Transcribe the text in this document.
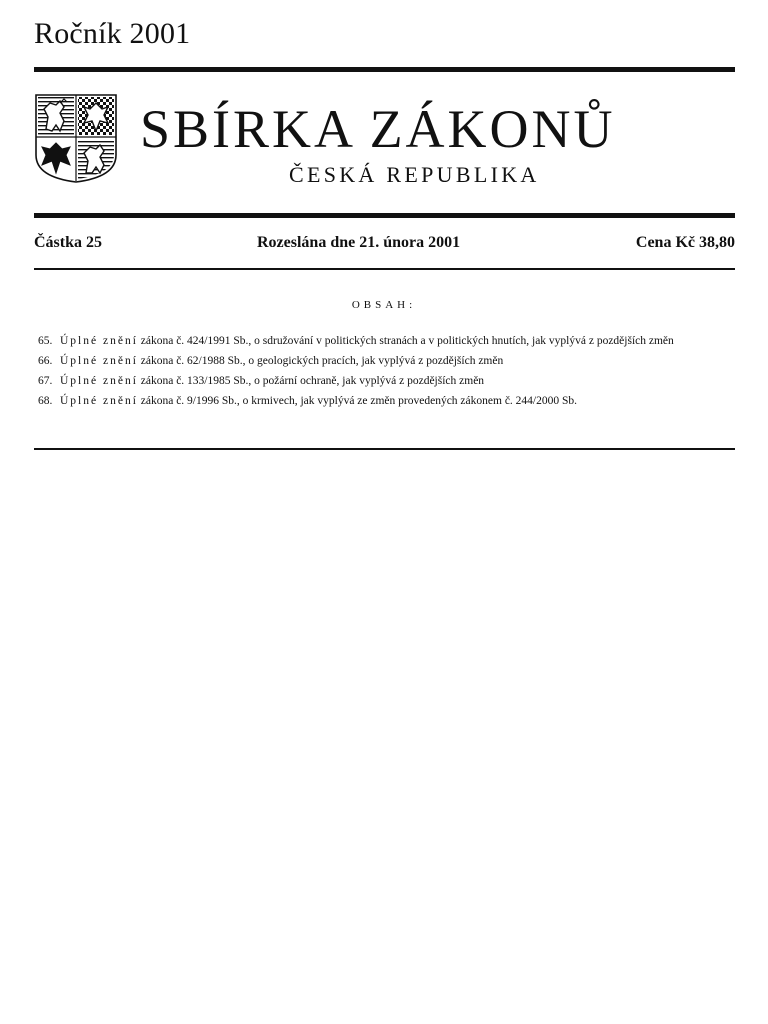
Ročník 2001
SBÍRKA ZÁKONŮ
ČESKÁ REPUBLIKA
Částka 25	Rozeslána dne 21. února 2001	Cena Kč 38,80
OBSAH:
65. Úplné znění zákona č. 424/1991 Sb., o sdružování v politických stranách a v politických hnutích, jak vyplývá z pozdějších změn
66. Úplné znění zákona č. 62/1988 Sb., o geologických pracích, jak vyplývá z pozdějších změn
67. Úplné znění zákona č. 133/1985 Sb., o požární ochraně, jak vyplývá z pozdějších změn
68. Úplné znění zákona č. 9/1996 Sb., o krmivech, jak vyplývá ze změn provedených zákonem č. 244/2000 Sb.
